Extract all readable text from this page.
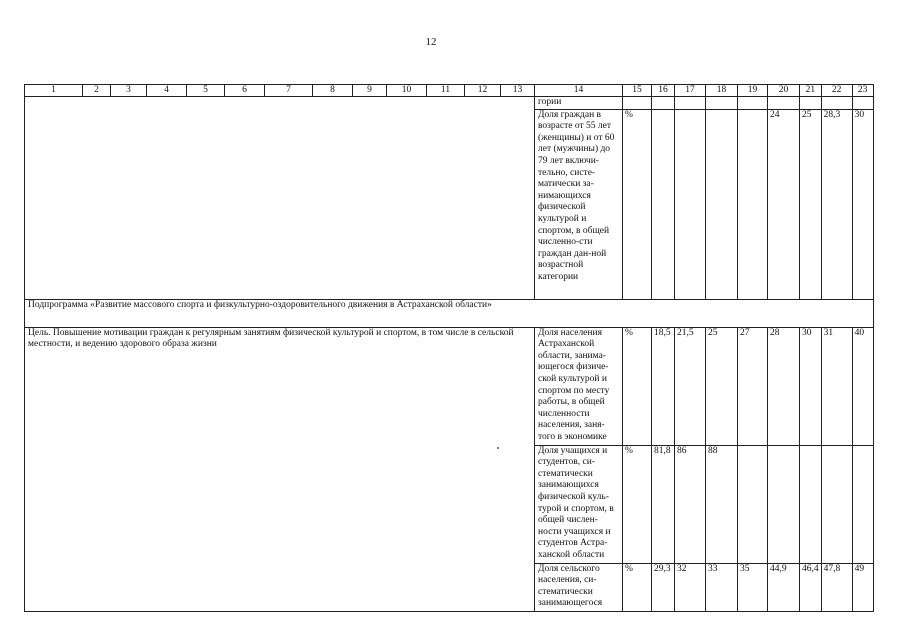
12
1	2	3	4	5	6	7	8	9	10	11	12	13	14	15	16	17	18	19	20	21	22	23
													гории									
													Доля граждан в возрасте от 55 лет (женщины) и от 60 лет (мужчины) до 79 лет включи-тельно, систе-матически за-нимающихся физической культурой и спортом, в общей численно-сти граждан дан-ной возрастной категории	%					24	25	28,3	30
Подпрограмма «Развитие массового спорта и физкультурно-оздоровительного движения в Астраханской области»																						
Цель. Повышение мотивации граждан к регулярным занятиям физической культурой и спортом, в том числе в сельской местности, и ведению здорового образа жизни													Доля населения Астраханской области, занима-ющегося физиче-ской культурой и спортом по месту работы, в общей численности населения, заня-того в экономике	%	18,5	21,5	25	27	28	30	31	40
													Доля учащихся и студентов, си-стематически занимающихся физической куль-турой и спортом, в общей числен-ности учащихся и студентов Астра-ханской области	%	81,8	86	88					
													Доля сельского населения, си-стематически занимающегося	%	29,3	32	33	35	44,9	46,4	47,8	49
